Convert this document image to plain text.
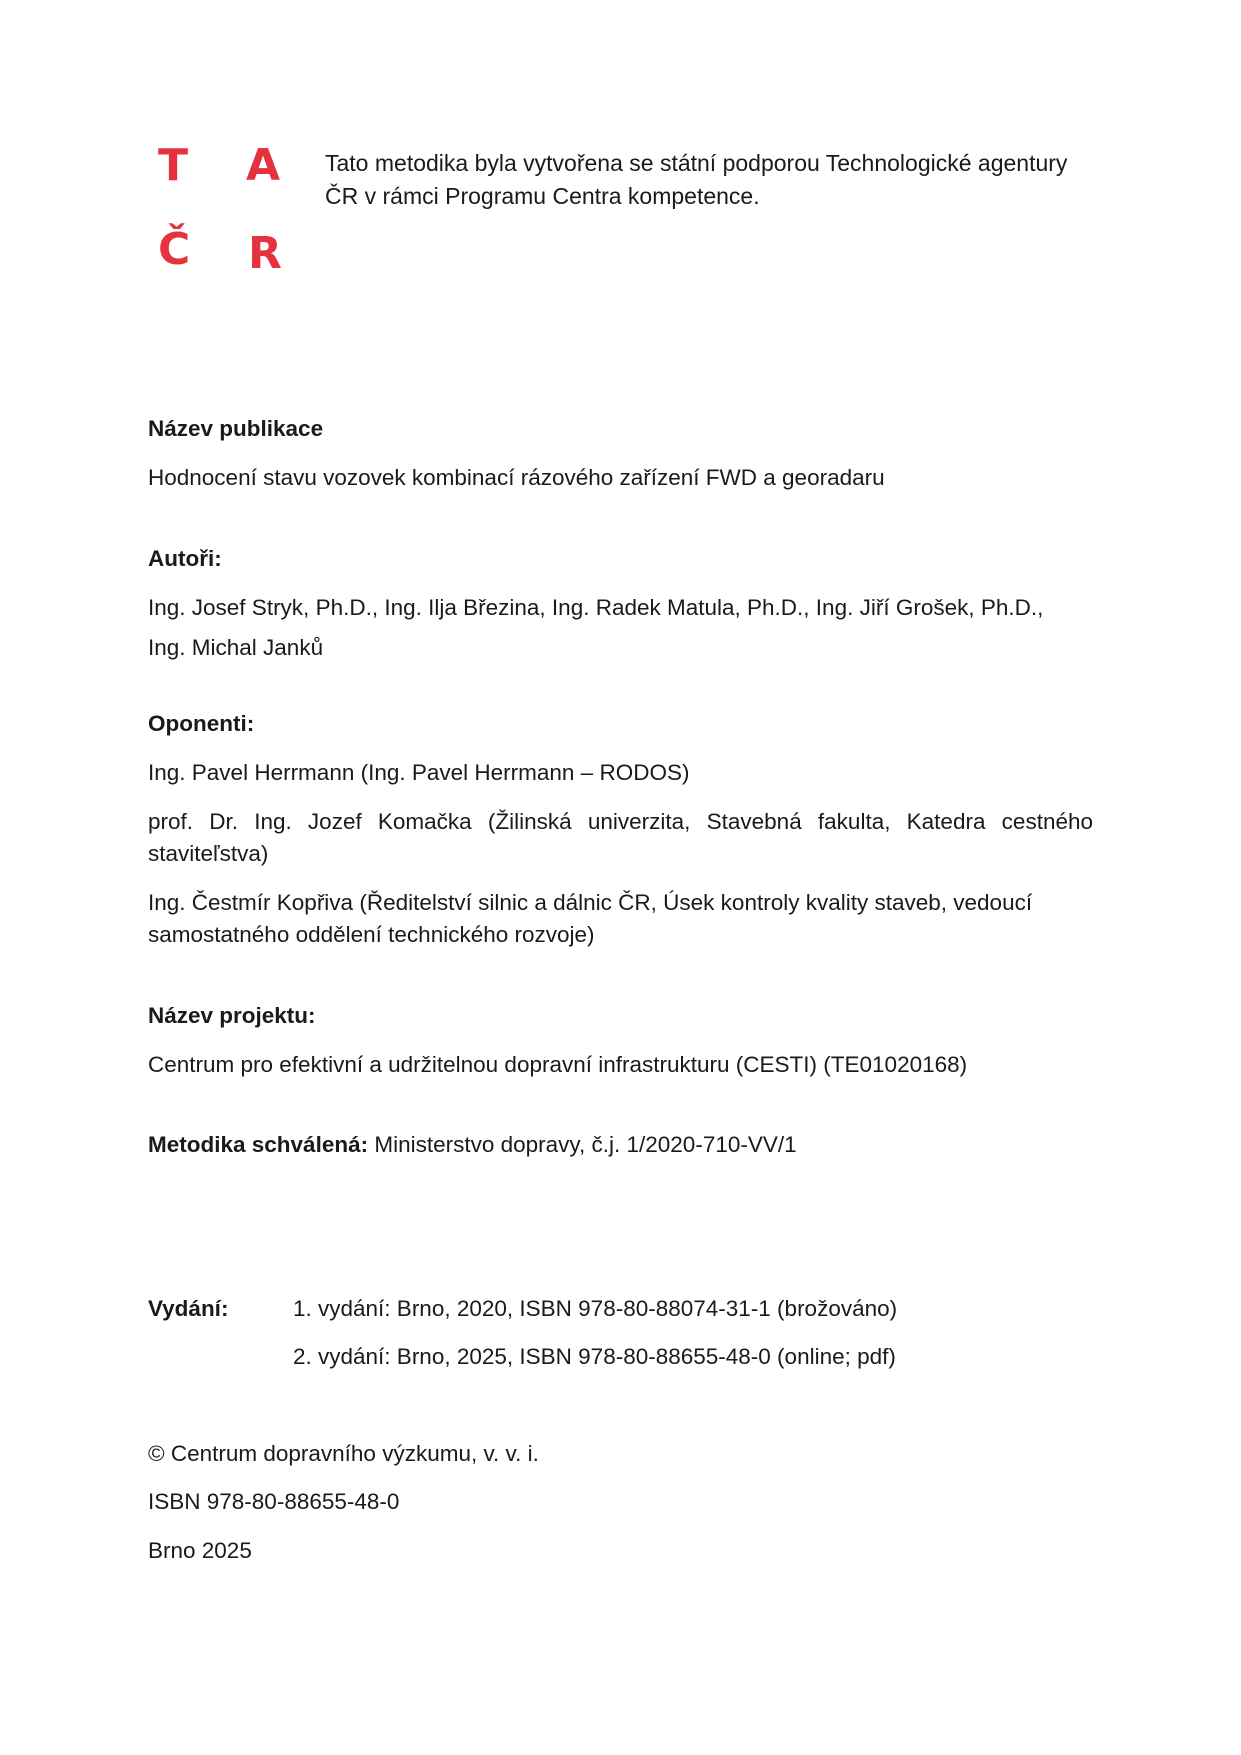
T A
Č R
Tato metodika byla vytvořena se státní podporou Technologické agentury
ČR v rámci Programu Centra kompetence.
Název publikace
Hodnocení stavu vozovek kombinací rázového zařízení FWD a georadaru
Autoři:
Ing. Josef Stryk, Ph.D., Ing. Ilja Březina, Ing. Radek Matula, Ph.D., Ing. Jiří Grošek, Ph.D.,
Ing. Michal Janků
Oponenti:
Ing. Pavel Herrmann (Ing. Pavel Herrmann – RODOS)
prof. Dr. Ing. Jozef Komačka (Žilinská univerzita, Stavebná fakulta, Katedra cestného
staviteľstva)
Ing. Čestmír Kopřiva (Ředitelství silnic a dálnic ČR, Úsek kontroly kvality staveb, vedoucí
samostatného oddělení technického rozvoje)
Název projektu:
Centrum pro efektivní a udržitelnou dopravní infrastrukturu (CESTI) (TE01020168)
Metodika schválená: Ministerstvo dopravy, č.j. 1/2020-710-VV/1
Vydání:	1. vydání: Brno, 2020, ISBN 978-80-88074-31-1 (brožováno)
2. vydání: Brno, 2025, ISBN 978-80-88655-48-0 (online; pdf)
© Centrum dopravního výzkumu, v. v. i.
ISBN 978-80-88655-48-0
Brno 2025
